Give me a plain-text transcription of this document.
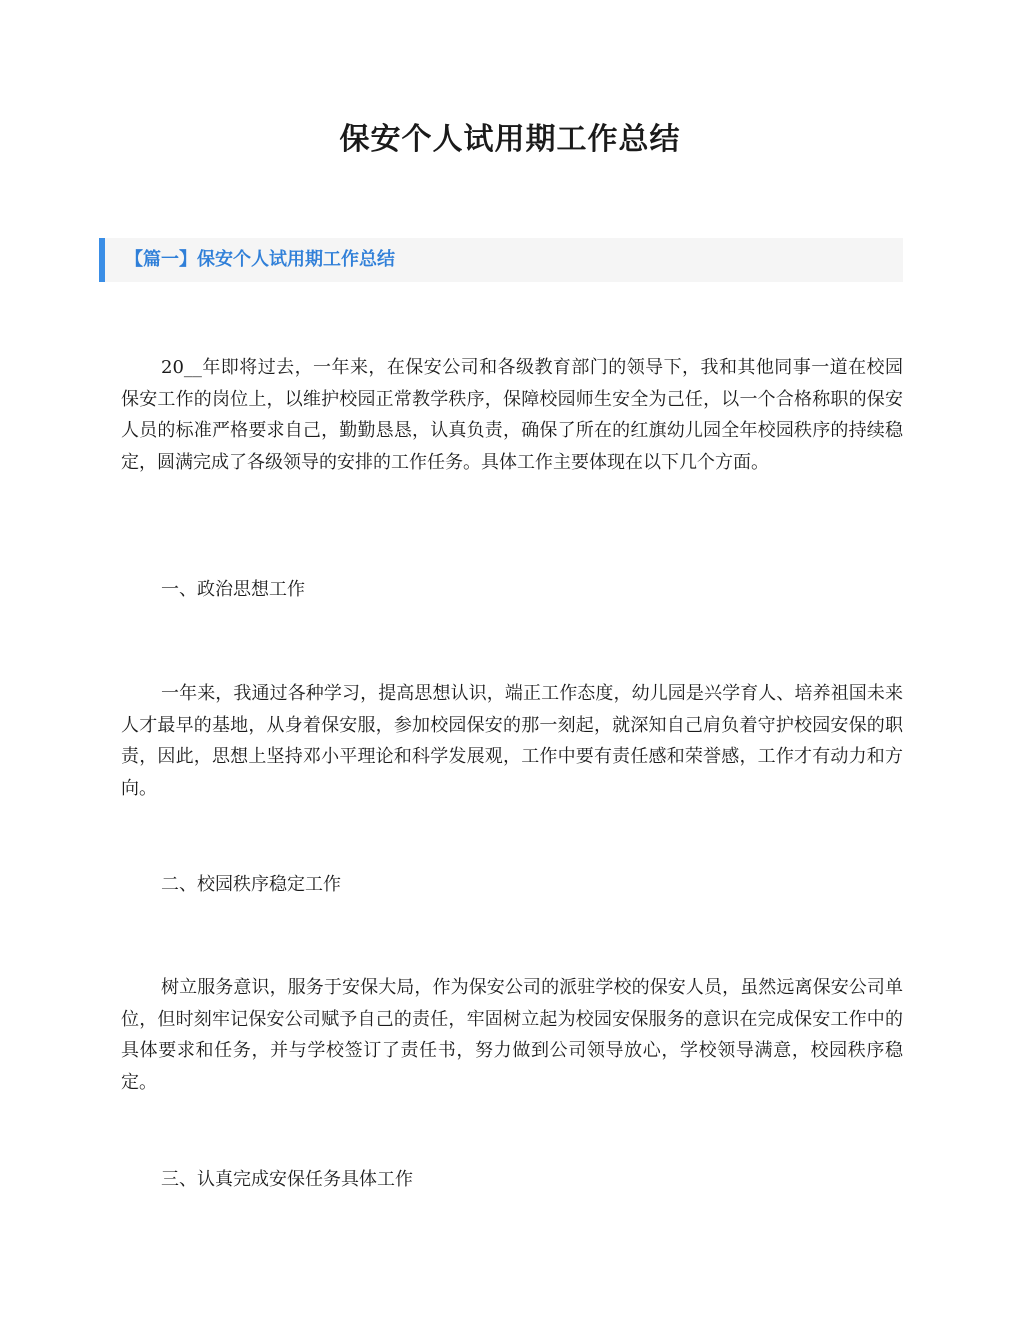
保安个人试用期工作总结
【篇一】保安个人试用期工作总结

20__年即将过去，一年来，在保安公司和各级教育部门的领导下，我和其他同事一道在校园保安工作的岗位上，以维护校园正常教学秩序，保障校园师生安全为己任，以一个合格称职的保安人员的标准严格要求自己，勤勤恳恳，认真负责，确保了所在的红旗幼儿园全年校园秩序的持续稳定，圆满完成了各级领导的安排的工作任务。具体工作主要体现在以下几个方面。

一、政治思想工作

一年来，我通过各种学习，提高思想认识，端正工作态度，幼儿园是兴学育人、培养祖国未来人才最早的基地，从身着保安服，参加校园保安的那一刻起，就深知自己肩负着守护校园安保的职责，因此，思想上坚持邓小平理论和科学发展观，工作中要有责任感和荣誉感，工作才有动力和方向。

二、校园秩序稳定工作

树立服务意识，服务于安保大局，作为保安公司的派驻学校的保安人员，虽然远离保安公司单位，但时刻牢记保安公司赋予自己的责任，牢固树立起为校园安保服务的意识在完成保安工作中的具体要求和任务，并与学校签订了责任书，努力做到公司领导放心，学校领导满意，校园秩序稳定。

三、认真完成安保任务具体工作
